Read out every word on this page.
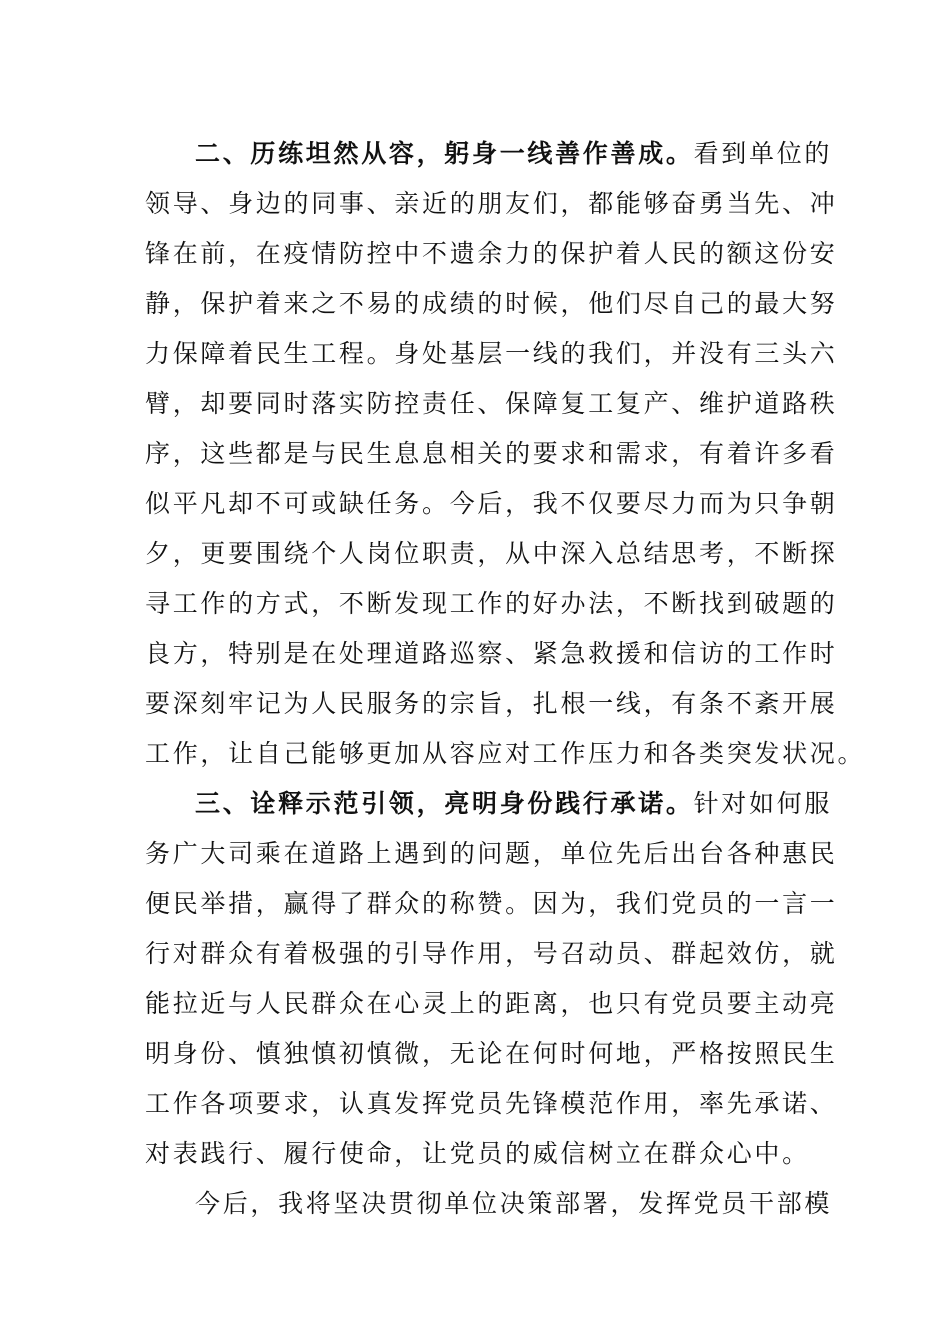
二、历练坦然从容，躬身一线善作善成。看到单位的
领导、身边的同事、亲近的朋友们，都能够奋勇当先、冲
锋在前，在疫情防控中不遗余力的保护着人民的额这份安
静，保护着来之不易的成绩的时候，他们尽自己的最大努
力保障着民生工程。身处基层一线的我们，并没有三头六
臂，却要同时落实防控责任、保障复工复产、维护道路秩
序，这些都是与民生息息相关的要求和需求，有着许多看
似平凡却不可或缺任务。今后，我不仅要尽力而为只争朝
夕，更要围绕个人岗位职责，从中深入总结思考，不断探
寻工作的方式，不断发现工作的好办法，不断找到破题的
良方，特别是在处理道路巡察、紧急救援和信访的工作时
要深刻牢记为人民服务的宗旨，扎根一线，有条不紊开展
工作，让自己能够更加从容应对工作压力和各类突发状况。
三、诠释示范引领，亮明身份践行承诺。针对如何服
务广大司乘在道路上遇到的问题，单位先后出台各种惠民
便民举措，赢得了群众的称赞。因为，我们党员的一言一
行对群众有着极强的引导作用，号召动员、群起效仿，就
能拉近与人民群众在心灵上的距离，也只有党员要主动亮
明身份、慎独慎初慎微，无论在何时何地，严格按照民生
工作各项要求，认真发挥党员先锋模范作用，率先承诺、
对表践行、履行使命，让党员的威信树立在群众心中。
今后，我将坚决贯彻单位决策部署，发挥党员干部模
